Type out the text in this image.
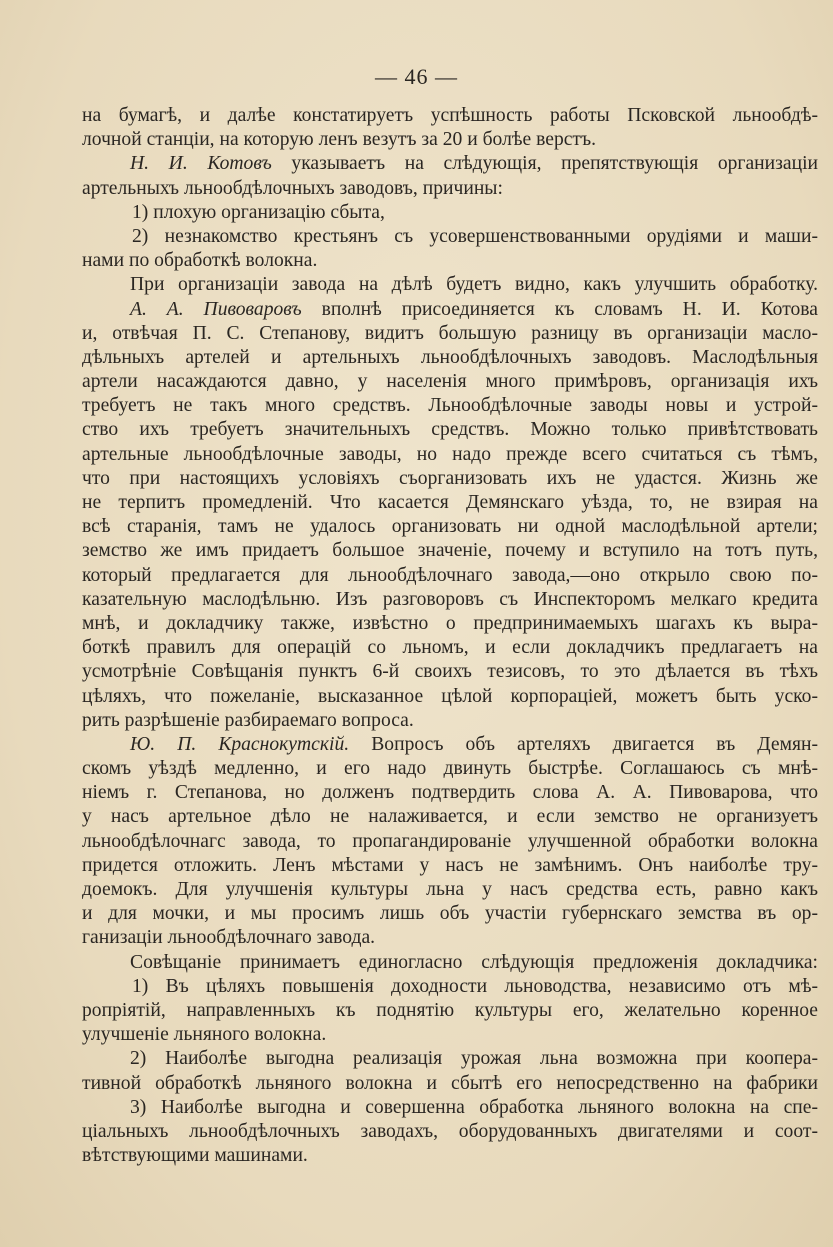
— 46 —
на бумагѣ, и далѣе констатируетъ успѣшность работы Псковской льнообдѣ-
лочной станціи, на которую ленъ везутъ за 20 и болѣе верстъ.
Н. И. Котовъ указываетъ на слѣдующія, препятствующія организаціи
артельныхъ льнообдѣлочныхъ заводовъ, причины:
1) плохую организацію сбыта,
2) незнакомство крестьянъ съ усовершенствованными орудіями и маши-
нами по обработкѣ волокна.
При организаціи завода на дѣлѣ будетъ видно, какъ улучшить обработку.
А. А. Пивоваровъ вполнѣ присоединяется къ словамъ Н. И. Котова
и, отвѣчая П. С. Степанову, видитъ большую разницу въ организаціи масло-
дѣльныхъ артелей и артельныхъ льнообдѣлочныхъ заводовъ. Маслодѣльныя
артели насаждаются давно, у населенія много примѣровъ, организація ихъ
требуетъ не такъ много средствъ. Льнообдѣлочные заводы новы и устрой-
ство ихъ требуетъ значительныхъ средствъ. Можно только привѣтствовать
артельные льнообдѣлочные заводы, но надо прежде всего считаться съ тѣмъ,
что при настоящихъ условіяхъ съорганизовать ихъ не удастся. Жизнь же
не терпитъ промедленій. Что касается Демянскаго уѣзда, то, не взирая на
всѣ старанія, тамъ не удалось организовать ни одной маслодѣльной артели;
земство же имъ придаетъ большое значеніе, почему и вступило на тотъ путь,
который предлагается для льнообдѣлочнаго завода,—оно открыло свою по-
казательную маслодѣльню. Изъ разговоровъ съ Инспекторомъ мелкаго кредита
мнѣ, и докладчику также, извѣстно о предпринимаемыхъ шагахъ къ выра-
боткѣ правилъ для операцій со льномъ, и если докладчикъ предлагаетъ на
усмотрѣніе Совѣщанія пунктъ 6-й своихъ тезисовъ, то это дѣлается въ тѣхъ
цѣляхъ, что пожеланіе, высказанное цѣлой корпораціей, можетъ быть уско-
рить разрѣшеніе разбираемаго вопроса.
Ю. П. Краснокутскій. Вопросъ объ артеляхъ двигается въ Демян-
скомъ уѣздѣ медленно, и его надо двинуть быстрѣе. Соглашаюсь съ мнѣ-
ніемъ г. Степанова, но долженъ подтвердить слова А. А. Пивоварова, что
у насъ артельное дѣло не налаживается, и если земство не организуетъ
льнообдѣлочнагс завода, то пропагандированіе улучшенной обработки волокна
придется отложить. Ленъ мѣстами у насъ не замѣнимъ. Онъ наиболѣе тру-
доемокъ. Для улучшенія культуры льна у насъ средства есть, равно какъ
и для мочки, и мы просимъ лишь объ участіи губернскаго земства въ ор-
ганизаціи льнообдѣлочнаго завода.
Совѣщаніе принимаетъ единогласно слѣдующія предложенія докладчика:
1) Въ цѣляхъ повышенія доходности льноводства, независимо отъ мѣ-
ропріятій, направленныхъ къ поднятію культуры его, желательно коренное
улучшеніе льняного волокна.
2) Наиболѣе выгодна реализація урожая льна возможна при коопера-
тивной обработкѣ льняного волокна и сбытѣ его непосредственно на фабрики
3) Наиболѣе выгодна и совершенна обработка льняного волокна на спе-
ціальныхъ льнообдѣлочныхъ заводахъ, оборудованныхъ двигателями и соот-
вѣтствующими машинами.
